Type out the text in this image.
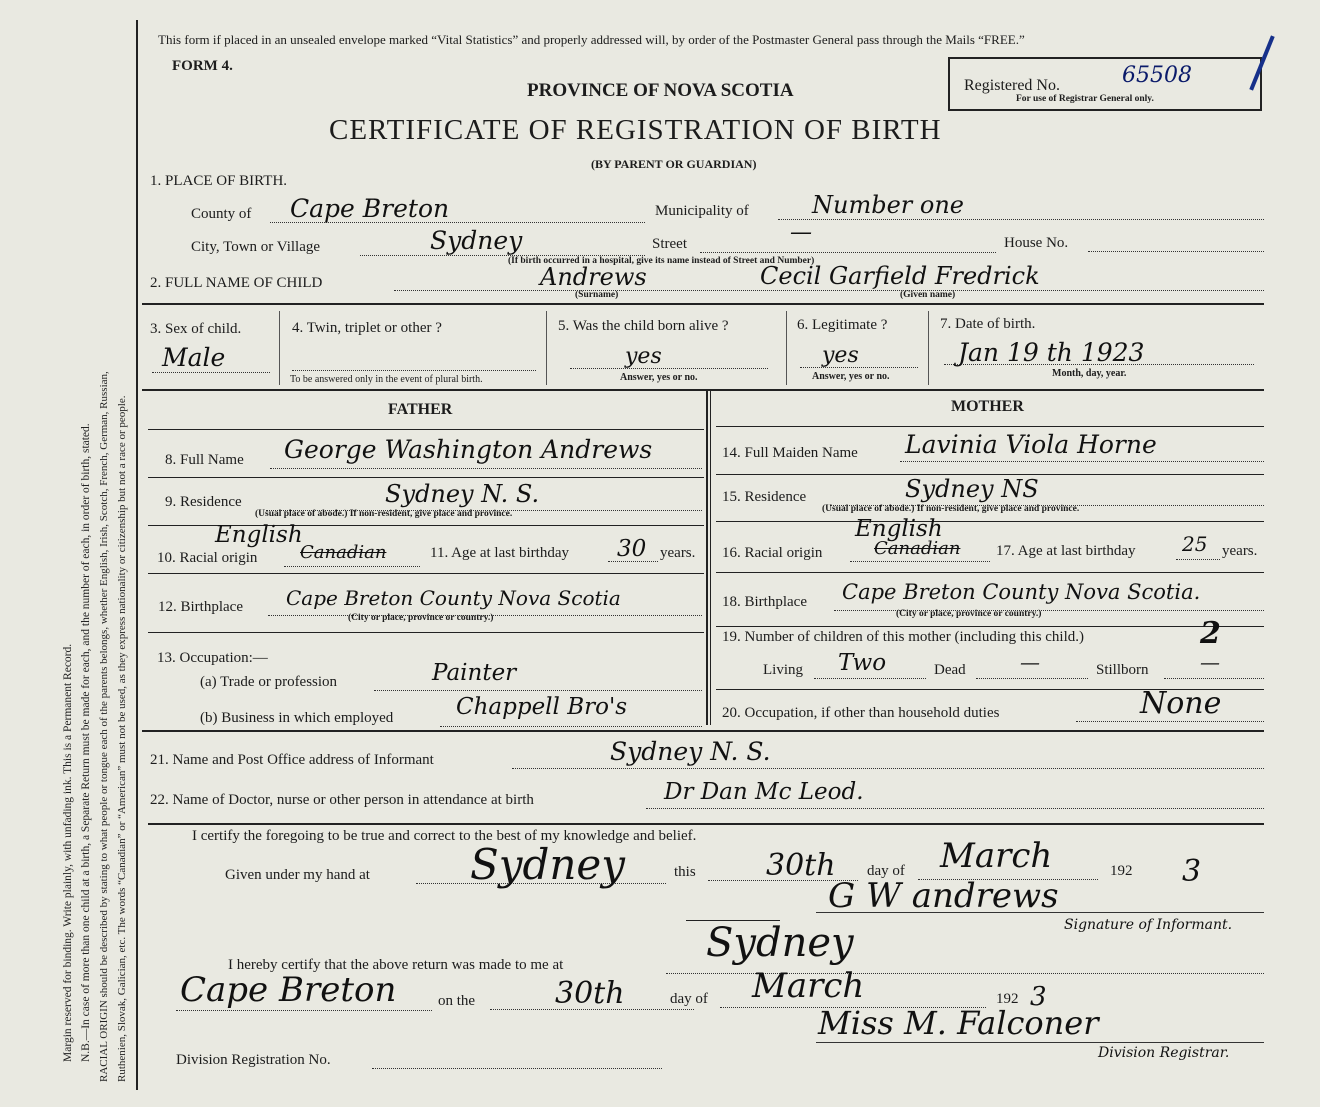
Margin reserved for binding. Write plainly, with unfading ink. This is a Permanent Record. N.B.—In case of more than one child at a birth, a Separate Return must be made for each, and the number of each, in order of birth, stated. RACIAL ORIGIN should be described by stating to what people or tongue each of the parents belongs, whether English, Irish, Scotch, French, German, Russian, Ruthenien, Slovak, Galician, etc. The words “Canadian” or “American” must not be used, as they express nationality or citizenship but not a race or people.
This form if placed in an unsealed envelope marked “Vital Statistics” and properly addressed will, by order of the Postmaster General pass through the Mails “FREE.”
FORM 4.
Registered No.	65508
For use of Registrar General only.
PROVINCE OF NOVA SCOTIA
CERTIFICATE OF REGISTRATION OF BIRTH
(BY PARENT OR GUARDIAN)
1. PLACE OF BIRTH.
County of Cape Breton	Municipality of	Number one
City, Town or Village	Sydney	Street	—
(If birth occurred in a hospital, give its name instead of Street and Number)
House No.
2. FULL NAME OF CHILD	Andrews	Cecil Garfield Fredrick
(Surname)	(Given name)
3. Sex of child.
Male
4. Twin, triplet or other ?
To be answered only in the event of plural birth.
5. Was the child born alive ?
yes
Answer, yes or no.
6. Legitimate ?
yes
Answer, yes or no.
7. Date of birth.
Jan 19 th 1923
Month, day, year.
FATHER	MOTHER
8. Full Name George Washington Andrews
9. Residence	Sydney N. S.
(Usual place of abode.) If non-resident, give place and province.
10. Racial origin
English
Canadian	11. Age at last birthday 30 years.
12. Birthplace Cape Breton County Nova Scotia
(City or place, province or country.)
13. Occupation:—
(a) Trade or profession	Painter
(b) Business in which employed	Chappell Bro's
14. Full Maiden Name Lavinia Viola Horne
15. Residence	Sydney NS
(Usual place of abode.) If non-resident, give place and province.
16. Racial origin
English
Canadian 17. Age at last birthday 25 years.
18. Birthplace Cape Breton County Nova Scotia.
(City or place, province or country.)
19. Number of children of this mother (including this child.)	2
Living Two	Dead	—	Stillborn	—
20. Occupation, if other than household duties	None
21. Name and Post Office address of Informant	Sydney N. S.
22. Name of Doctor, nurse or other person in attendance at birth	Dr Dan Mc Leod.
I certify the foregoing to be true and correct to the best of my knowledge and belief.
Given under my hand at Sydney	this 30th day of March	192 3
G W andrews
Signature of Informant.
I hereby certify that the above return was made to me at	Sydney
Cape Breton	on the	30th	day of March	192 3
Miss M. Falconer
Division Registrar.
Division Registration No.
